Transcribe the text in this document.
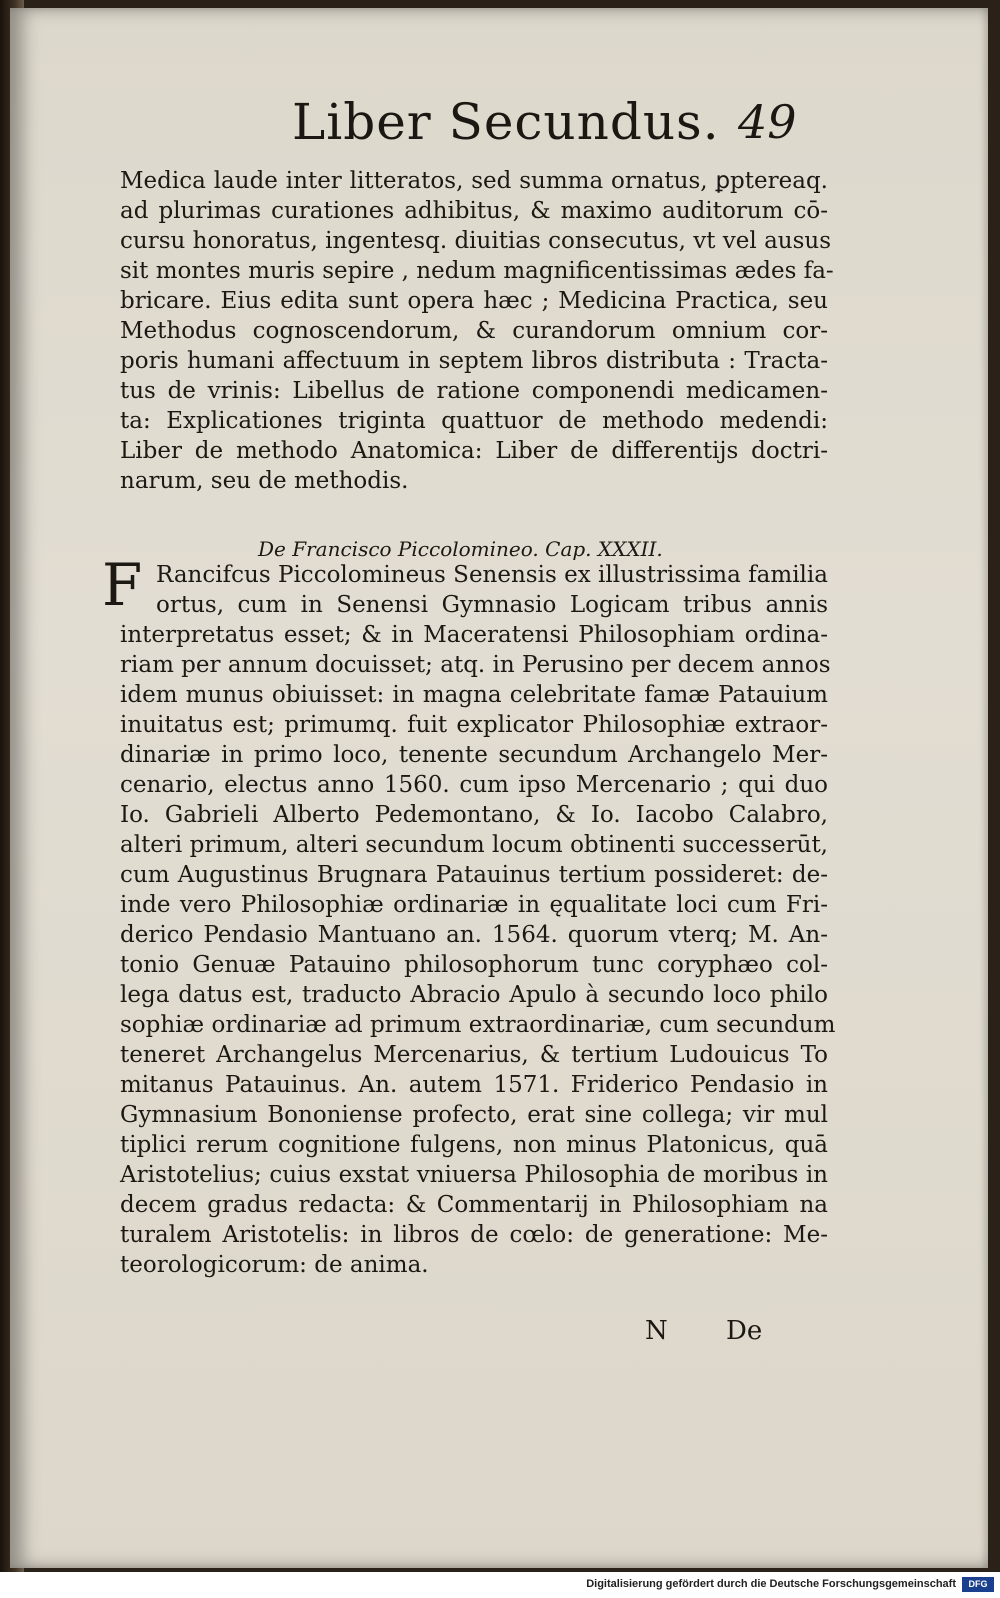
Liber Secundus. 49
Medica laude inter litteratos, sed summa ornatus, ꝑptereaq.
ad plurimas curationes adhibitus, & maximo auditorum cō-
cursu honoratus, ingentesq. diuitias consecutus, vt vel ausus
sit montes muris sepire , nedum magnificentissimas ædes fa-
bricare. Eius edita sunt opera hæc ; Medicina Practica, seu
Methodus cognoscendorum, & curandorum omnium cor-
poris humani affectuum in septem libros distributa : Tracta-
tus de vrinis: Libellus de ratione componendi medicamen-
ta: Explicationes triginta quattuor de methodo medendi:
Liber de methodo Anatomica: Liber de differentijs doctri-
narum, seu de methodis.
De Francisco Piccolomineo. Cap. XXXII.
F Rancifcus Piccolomineus Senensis ex illustrissima familia
ortus, cum in Senensi Gymnasio Logicam tribus annis
interpretatus esset; & in Maceratensi Philosophiam ordina-
riam per annum docuisset; atq. in Perusino per decem annos
idem munus obiuisset: in magna celebritate famæ Patauium
inuitatus est; primumq. fuit explicator Philosophiæ extraor-
dinariæ in primo loco, tenente secundum Archangelo Mer-
cenario, electus anno 1560. cum ipso Mercenario ; qui duo
Io. Gabrieli Alberto Pedemontano, & Io. Iacobo Calabro,
alteri primum, alteri secundum locum obtinenti successerūt,
cum Augustinus Brugnara Patauinus tertium possideret: de-
inde vero Philosophiæ ordinariæ in ęqualitate loci cum Fri-
derico Pendasio Mantuano an. 1564. quorum vterq; M. An-
tonio Genuæ Patauino philosophorum tunc coryphæo col-
lega datus est, traducto Abracio Apulo à secundo loco philo
sophiæ ordinariæ ad primum extraordinariæ, cum secundum
teneret Archangelus Mercenarius, & tertium Ludouicus To
mitanus Patauinus. An. autem 1571. Friderico Pendasio in
Gymnasium Bononiense profecto, erat sine collega; vir mul
tiplici rerum cognitione fulgens, non minus Platonicus, quā
Aristotelius; cuius exstat vniuersa Philosophia de moribus in
decem gradus redacta: & Commentarij in Philosophiam na
turalem Aristotelis: in libros de cœlo: de generatione: Me-
teorologicorum: de anima.
N De
Digitalisierung gefördert durch die Deutsche Forschungsgemeinschaft	DFG
